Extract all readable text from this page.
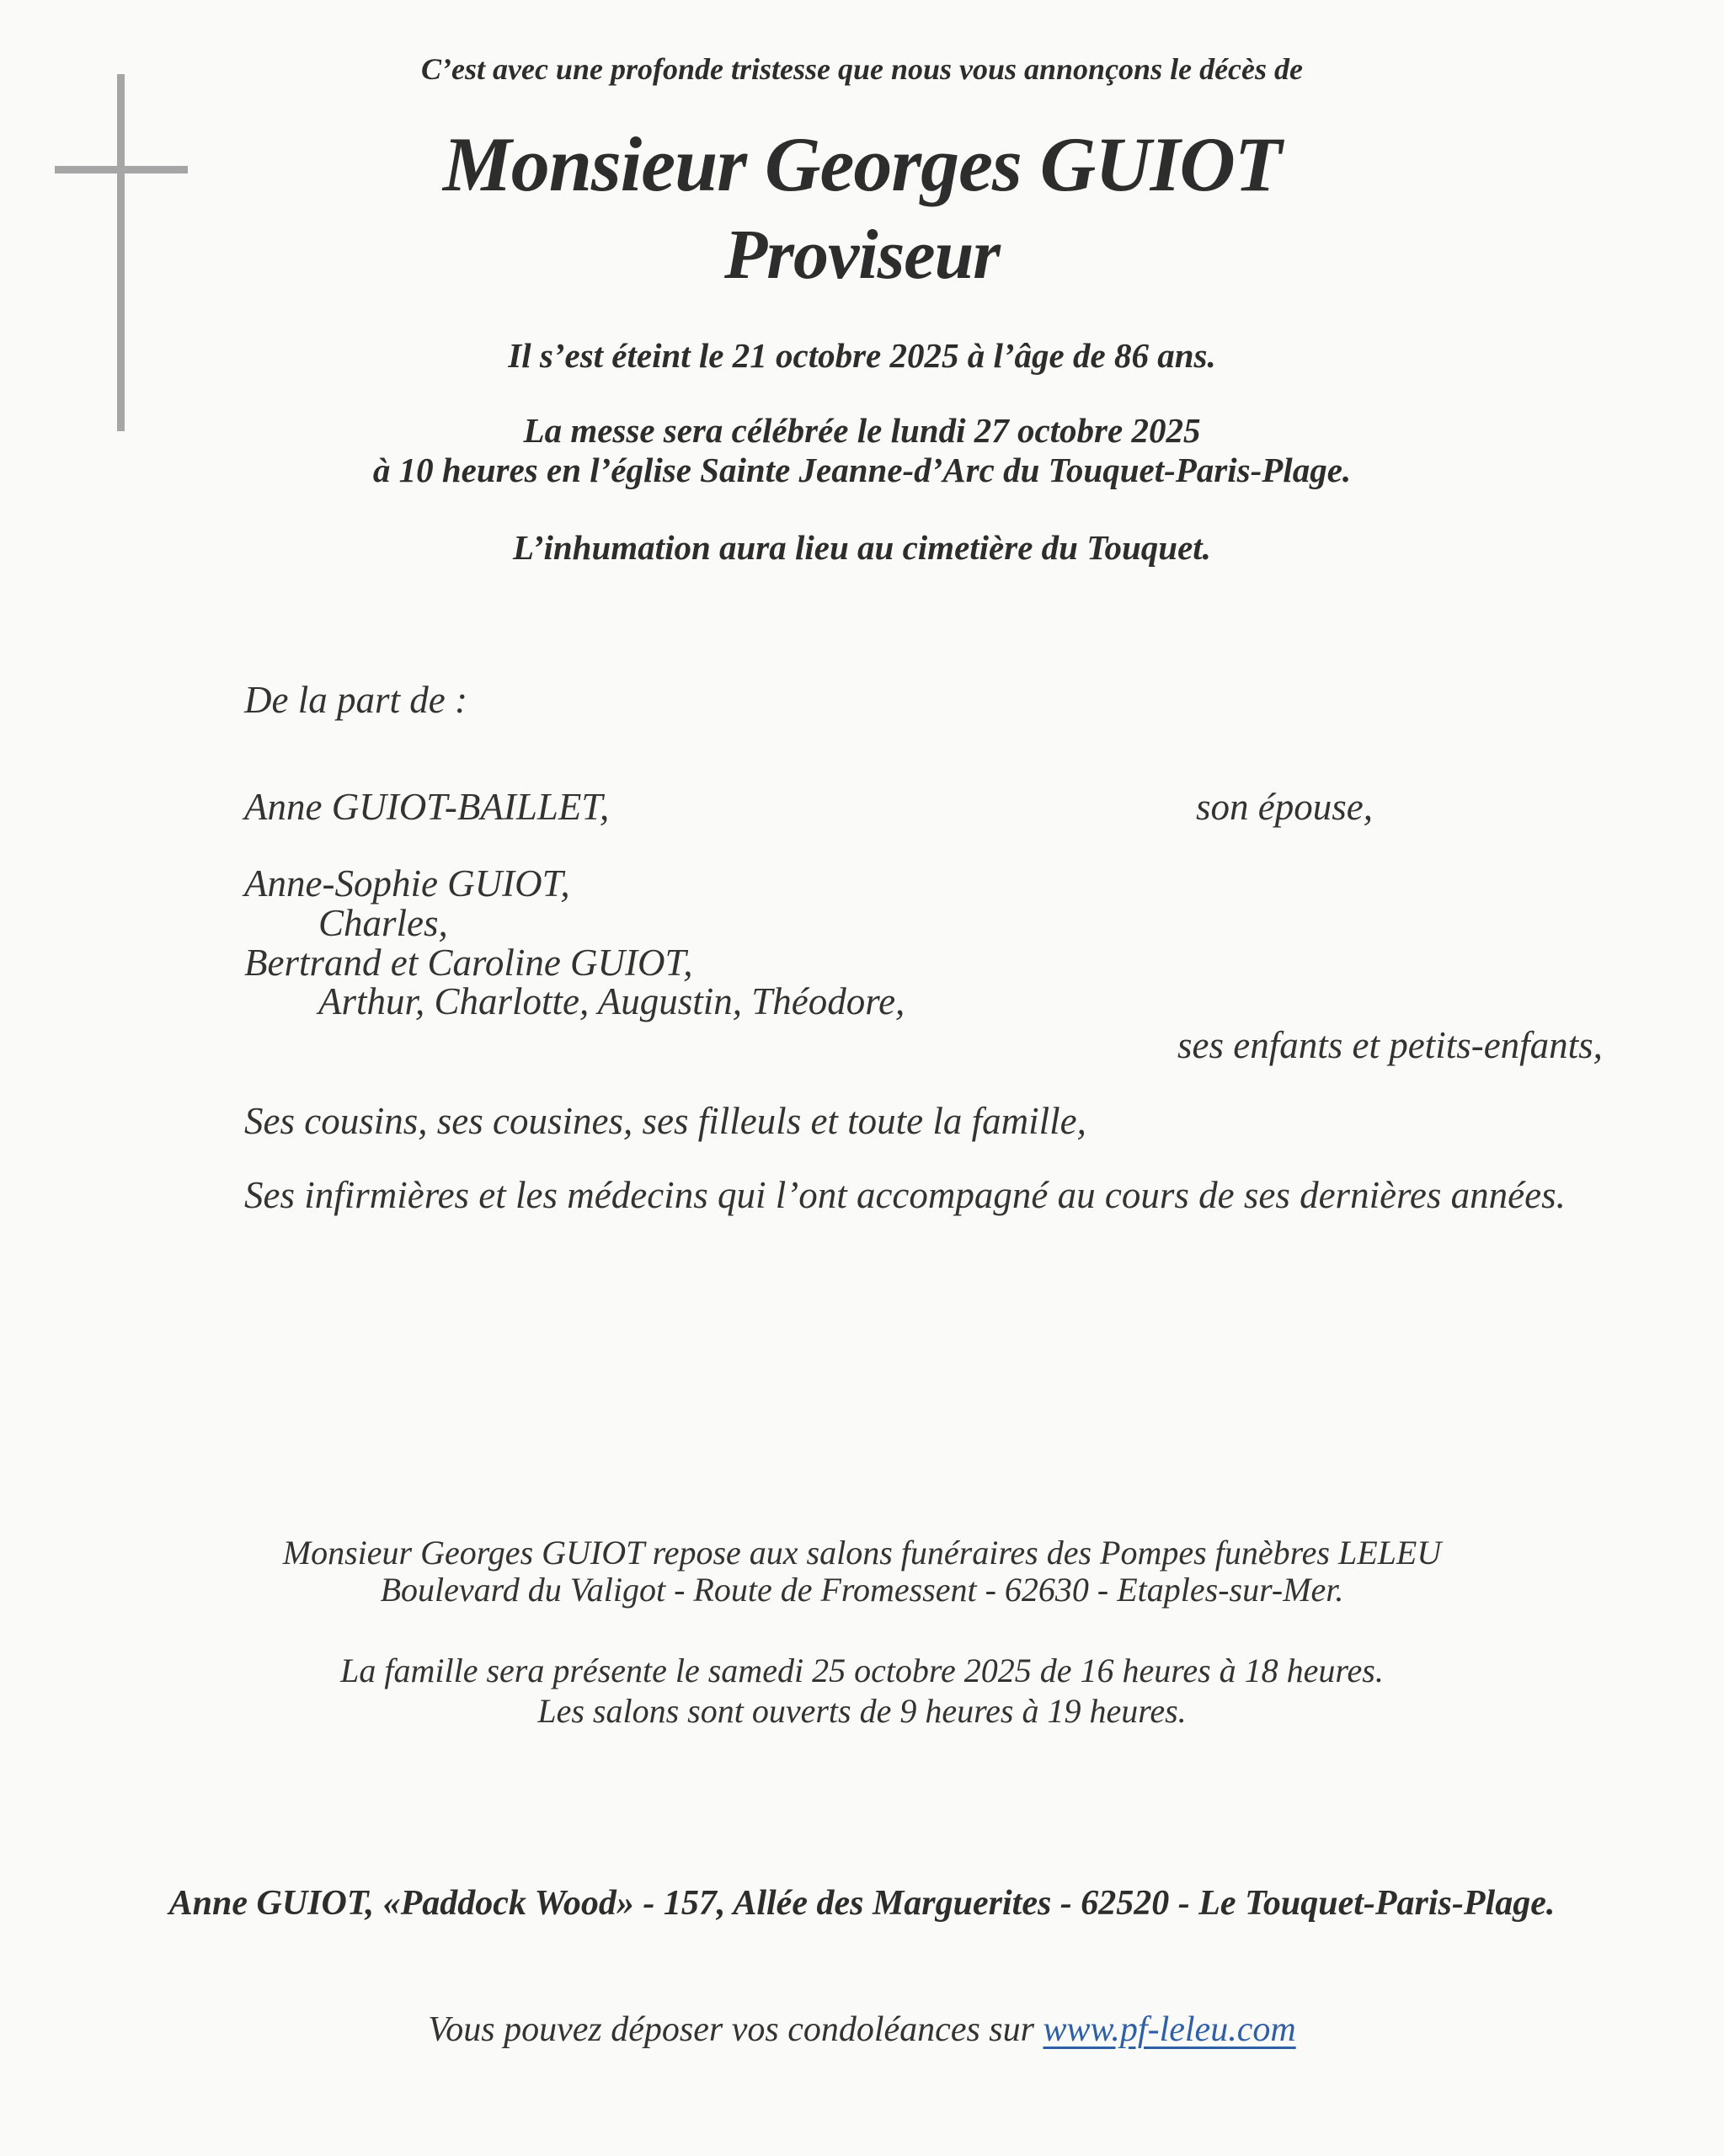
C’est avec une profonde tristesse que nous vous annonçons le décès de
Monsieur Georges GUIOT
Proviseur
Il s’est éteint le 21 octobre 2025 à l’âge de 86 ans.
La messe sera célébrée le lundi 27 octobre 2025
à 10 heures en l’église Sainte Jeanne-d’Arc du Touquet-Paris-Plage.
L’inhumation aura lieu au cimetière du Touquet.
De la part de :
Anne GUIOT-BAILLET,	son épouse,
Anne-Sophie GUIOT,
Charles,
Bertrand et Caroline GUIOT,
Arthur, Charlotte, Augustin, Théodore,
ses enfants et petits-enfants,
Ses cousins, ses cousines, ses filleuls et toute la famille,
Ses infirmières et les médecins qui l’ont accompagné au cours de ses dernières années.
Monsieur Georges GUIOT repose aux salons funéraires des Pompes funèbres LELEU
Boulevard du Valigot - Route de Fromessent - 62630 - Etaples-sur-Mer.
La famille sera présente le samedi 25 octobre 2025 de 16 heures à 18 heures.
Les salons sont ouverts de 9 heures à 19 heures.
Anne GUIOT, «Paddock Wood» - 157, Allée des Marguerites - 62520 - Le Touquet-Paris-Plage.
Vous pouvez déposer vos condoléances sur www.pf-leleu.com
